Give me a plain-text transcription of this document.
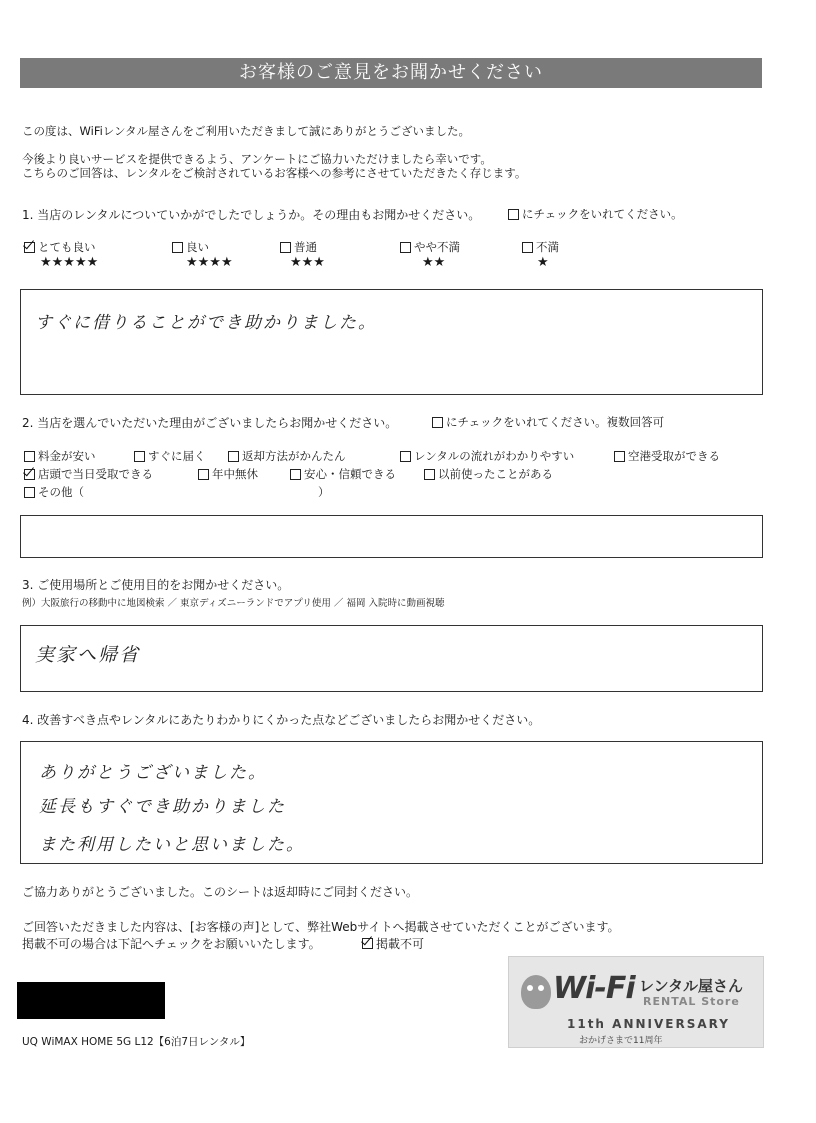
お客様のご意見をお聞かせください
この度は、WiFiレンタル屋さんをご利用いただきまして誠にありがとうございました。
今後より良いサービスを提供できるよう、アンケートにご協力いただけましたら幸いです。
こちらのご回答は、レンタルをご検討されているお客様への参考にさせていただきたく存じます。
1. 当店のレンタルについていかがでしたでしょうか。その理由もお聞かせください。	にチェックをいれてください。
とても良い
★★★★★
良い
★★★★
普通
★★★
やや不満
★★
不満
★
すぐに借りることができ助かりました。
2. 当店を選んでいただいた理由がございましたらお聞かせください。	にチェックをいれてください。複数回答可
料金が安い	すぐに届く	返却方法がかんたん	レンタルの流れがわかりやすい	空港受取ができる
店頭で当日受取できる	年中無休	安心・信頼できる	以前使ったことがある
その他（	）
3. ご使用場所とご使用目的をお聞かせください。
例）大阪旅行の移動中に地図検索 ／ 東京ディズニーランドでアプリ使用 ／ 福岡 入院時に動画視聴
実家へ帰省
4. 改善すべき点やレンタルにあたりわかりにくかった点などございましたらお聞かせください。
ありがとうございました。
延長もすぐでき助かりました
また利用したいと思いました。
ご協力ありがとうございました。このシートは返却時にご同封ください。
ご回答いただきました内容は、[お客様の声]として、弊社Webサイトへ掲載させていただくことがございます。
掲載不可の場合は下記へチェックをお願いいたします。	掲載不可
UQ WiMAX HOME 5G L12【6泊7日レンタル】
Wi-Fi レンタル屋さん
RENTAL Store
11th ANNIVERSARY
おかげさまで11周年
